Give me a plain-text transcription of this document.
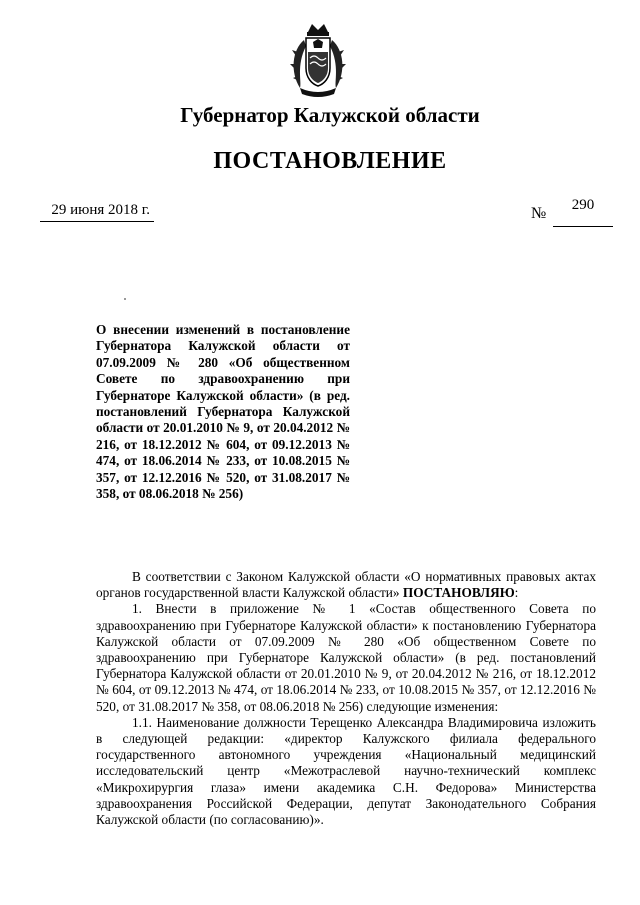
Губернатор Калужской области
ПОСТАНОВЛЕНИЕ
29 июня 2018 г.	№	290
О внесении изменений в постановление Губернатора Калужской области от 07.09.2009 № 280 «Об общественном Совете по здравоохранению при Губернаторе Калужской области» (в ред. постановлений Губернатора Калужской области от 20.01.2010 № 9, от 20.04.2012 № 216, от 18.12.2012 № 604, от 09.12.2013 № 474, от 18.06.2014 № 233, от 10.08.2015 № 357, от 12.12.2016 № 520, от 31.08.2017 № 358, от 08.06.2018 № 256)

В соответствии с Законом Калужской области «О нормативных правовых актах органов государственной власти Калужской области» ПОСТАНОВЛЯЮ:

1. Внести в приложение № 1 «Состав общественного Совета по здравоохранению при Губернаторе Калужской области» к постановлению Губернатора Калужской области от 07.09.2009 № 280 «Об общественном Совете по здравоохранению при Губернаторе Калужской области» (в ред. постановлений Губернатора Калужской области от 20.01.2010 № 9, от 20.04.2012 № 216, от 18.12.2012 № 604, от 09.12.2013 № 474, от 18.06.2014 № 233, от 10.08.2015 № 357, от 12.12.2016 № 520, от 31.08.2017 № 358, от 08.06.2018 № 256) следующие изменения:

1.1. Наименование должности Терещенко Александра Владимировича изложить в следующей редакции: «директор Калужского филиала федерального государственного автономного учреждения «Национальный медицинский исследовательский центр «Межотраслевой научно-технический комплекс «Микрохирургия глаза» имени академика С.Н. Федорова» Министерства здравоохранения Российской Федерации, депутат Законодательного Собрания Калужской области (по согласованию)».
